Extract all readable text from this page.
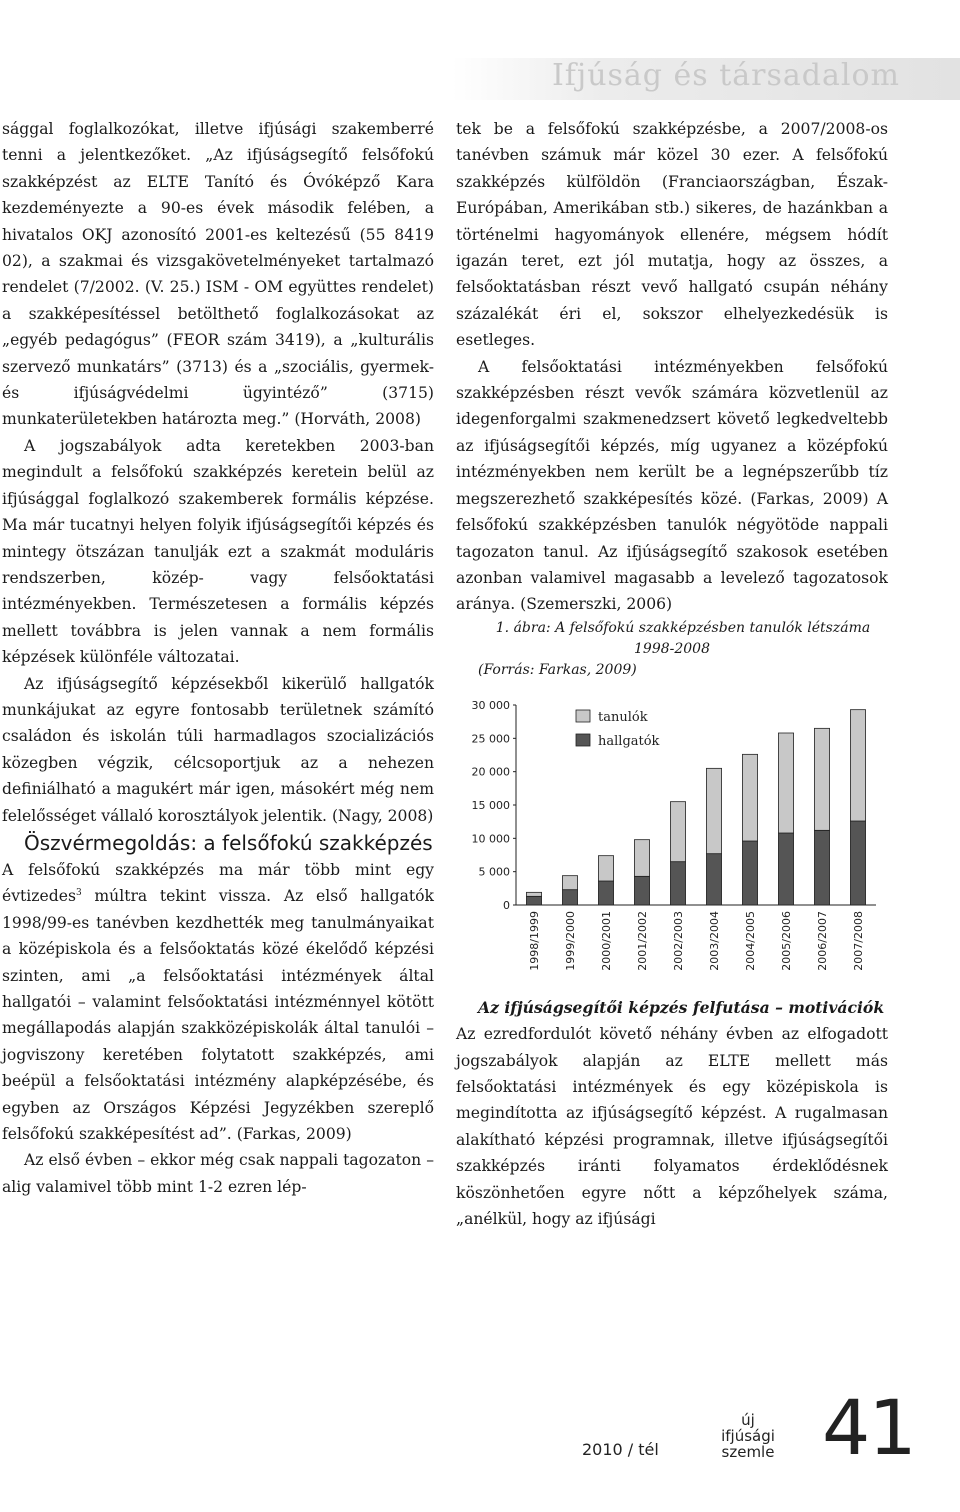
Ifjúság és társadalom

sággal foglalkozókat, illetve ifjúsági szakemberré tenni a jelentkezőket. „Az ifjúságsegítő felsőfokú szakképzést az ELTE Tanító és Óvóképző Kara kezdeményezte a 90-es évek második felében, a hivatalos OKJ azonosító 2001-es keltezésű (55 8419 02), a szakmai és vizsgakövetelményeket tartalmazó rendelet (7/2002. (V. 25.) ISM - OM együttes rendelet) a szakképesítéssel betölthető foglalkozásokat az „egyéb pedagógus” (FEOR szám 3419), a „kulturális szervező munkatárs” (3713) és a „szociális, gyermek- és ifjúságvédelmi ügyintéző” (3715) munkaterületekben határozta meg.” (Horváth, 2008)

A jogszabályok adta keretekben 2003-ban megindult a felsőfokú szakképzés keretein belül az ifjúsággal foglalkozó szakemberek formális képzése. Ma már tucatnyi helyen folyik ifjúságsegítői képzés és mintegy ötszázan tanulják ezt a szakmát moduláris rendszerben, közép- vagy felsőoktatási intézményekben. Természetesen a formális képzés mellett továbbra is jelen vannak a nem formális képzések különféle változatai.

Az ifjúságsegítő képzésekből kikerülő hallgatók munkájukat az egyre fontosabb területnek számító családon és iskolán túli harmadlagos szocializációs közegben végzik, célcsoportjuk az a nehezen definiálható a magukért már igen, másokért még nem felelősséget vállaló korosztályok jelentik. (Nagy, 2008)

Öszvérmegoldás: a felsőfokú szakképzés

A felsőfokú szakképzés ma már több mint egy évtizedes$^3$ múltra tekint vissza. Az első hallgatók 1998/99-es tanévben kezdhették meg tanulmányaikat a középiskola és a felsőoktatás közé ékelődő képzési szinten, ami „a felsőoktatási intézmények által hallgatói – valamint felsőoktatási intézménnyel kötött megállapodás alapján szakközépiskolák által tanulói – jogviszony keretében folytatott szakképzés, ami beépül a felsőoktatási intézmény alapképzésébe, és egyben az Országos Képzési Jegyzékben szereplő felsőfokú szakképesítést ad”. (Farkas, 2009)

Az első évben – ekkor még csak nappali tagozaton – alig valamivel több mint 1-2 ezren lép-

tek be a felsőfokú szakképzésbe, a 2007/2008-os tanévben számuk már közel 30 ezer. A felsőfokú szakképzés külföldön (Franciaországban, Észak-Európában, Amerikában stb.) sikeres, de hazánkban a történelmi hagyományok ellenére, mégsem hódít igazán teret, ezt jól mutatja, hogy az összes, a felsőoktatásban részt vevő hallgató csupán néhány százalékát éri el, sokszor elhelyezkedésük is esetleges.

A felsőoktatási intézményekben felsőfokú szakképzésben részt vevők számára közvetlenül az idegenforgalmi szakmenedzsert követő legkedveltebb az ifjúságsegítői képzés, míg ugyanez a középfokú intézményekben nem került be a legnépszerűbb tíz megszerezhető szakképesítés közé. (Farkas, 2009) A felsőfokú szakképzésben tanulók négyötöde nappali tagozaton tanul. Az ifjúságsegítő szakosok esetében azonban valamivel magasabb a levelező tagozatosok aránya. (Szemerszki, 2006)

1. ábra: A felsőfokú szakképzésben tanulók létszáma 1998-2008

(Forrás: Farkas, 2009)

0
5 000
10 000
15 000
20 000
25 000
30 000
1998/1999 1999/2000 2000/2001 2001/2002 2002/2003 2003/2004 2004/2005 2005/2006 2006/2007 2007/2008
tanulók
hallgatók

Az ifjúságsegítői képzés felfutása – motivációk

Az ezredfordulót követő néhány évben az elfogadott jogszabályok alapján az ELTE mellett más felsőoktatási intézmények és egy középiskola is megindította az ifjúságsegítő képzést. A rugalmasan alakítható képzési programnak, illetve ifjúságsegítői szakképzés iránti folyamatos érdeklődésnek köszönhetően egyre nőtt a képzőhelyek száma, „anélkül, hogy az ifjúsági

2010 / tél
új
ifjúsági
szemle 41
